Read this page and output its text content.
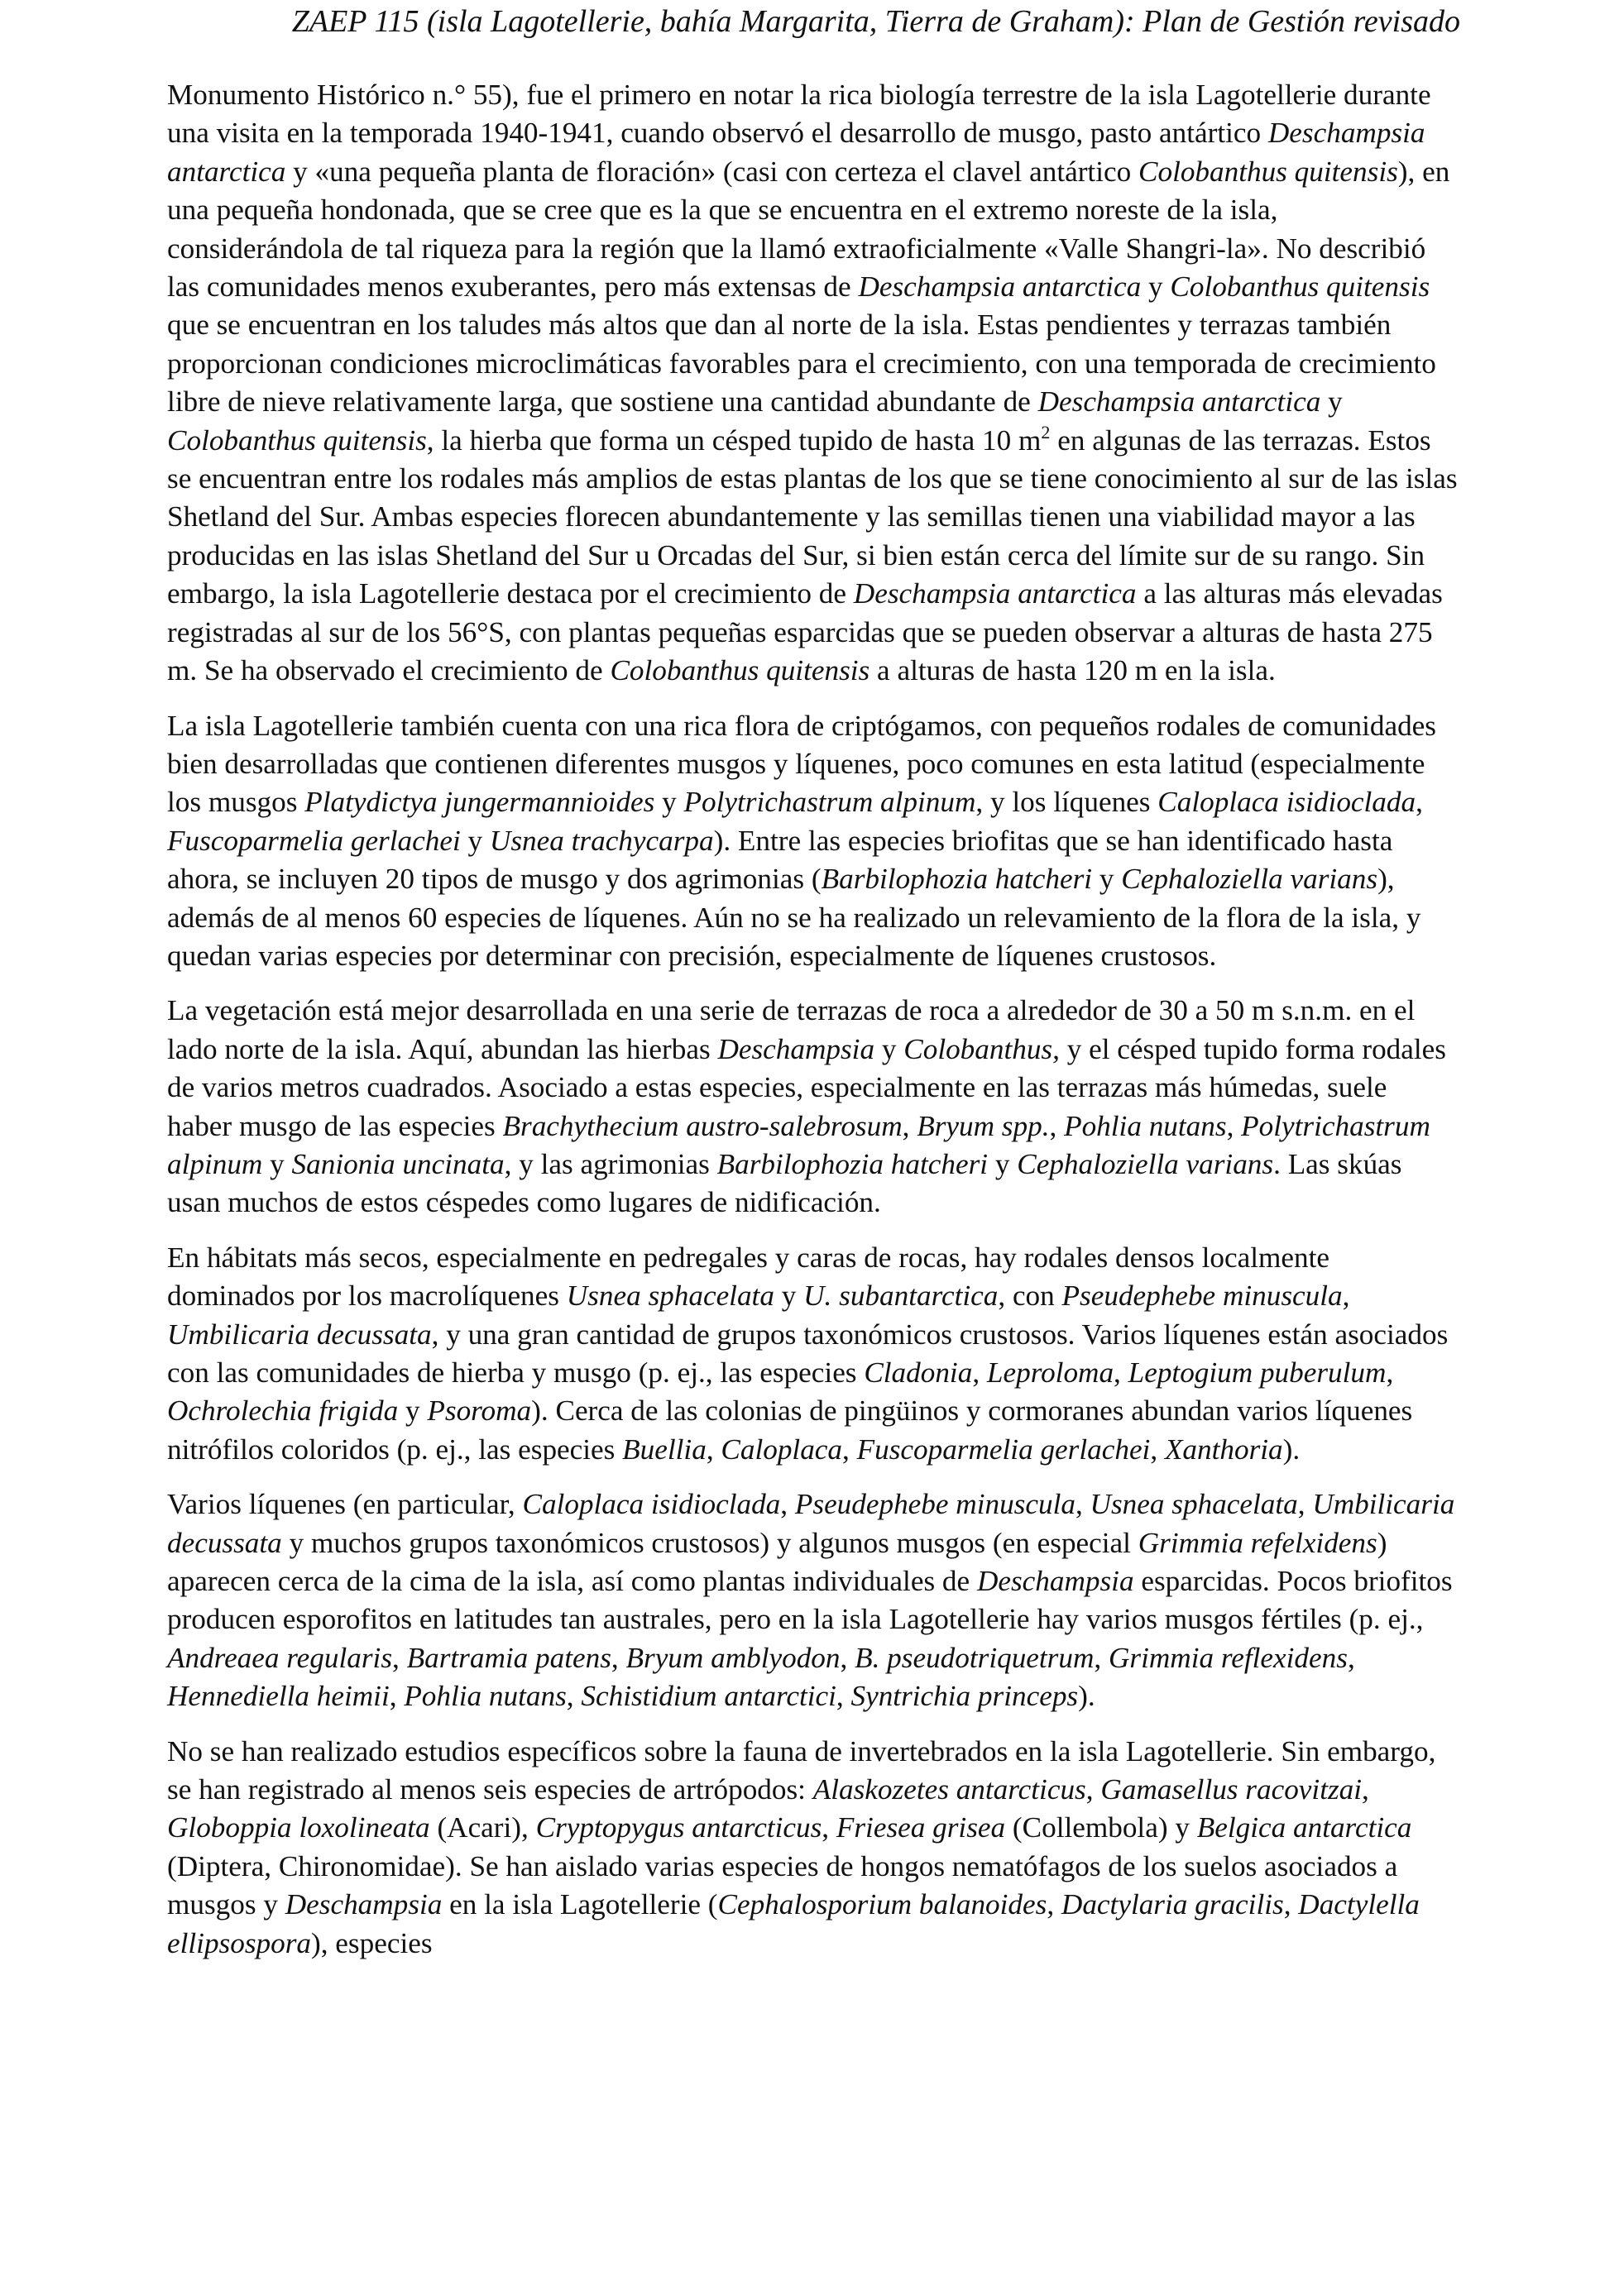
ZAEP 115 (isla Lagotellerie, bahía Margarita, Tierra de Graham): Plan de Gestión revisado

Monumento Histórico n.° 55), fue el primero en notar la rica biología terrestre de la isla Lagotellerie durante una visita en la temporada 1940-1941, cuando observó el desarrollo de musgo, pasto antártico Deschampsia antarctica y «una pequeña planta de floración» (casi con certeza el clavel antártico Colobanthus quitensis), en una pequeña hondonada, que se cree que es la que se encuentra en el extremo noreste de la isla, considerándola de tal riqueza para la región que la llamó extraoficialmente «Valle Shangri-la». No describió las comunidades menos exuberantes, pero más extensas de Deschampsia antarctica y Colobanthus quitensis que se encuentran en los taludes más altos que dan al norte de la isla. Estas pendientes y terrazas también proporcionan condiciones microclimáticas favorables para el crecimiento, con una temporada de crecimiento libre de nieve relativamente larga, que sostiene una cantidad abundante de Deschampsia antarctica y Colobanthus quitensis, la hierba que forma un césped tupido de hasta 10 $m^2$ en algunas de las terrazas. Estos se encuentran entre los rodales más amplios de estas plantas de los que se tiene conocimiento al sur de las islas Shetland del Sur. Ambas especies florecen abundantemente y las semillas tienen una viabilidad mayor a las producidas en las islas Shetland del Sur u Orcadas del Sur, si bien están cerca del límite sur de su rango. Sin embargo, la isla Lagotellerie destaca por el crecimiento de Deschampsia antarctica a las alturas más elevadas registradas al sur de los 56°S, con plantas pequeñas esparcidas que se pueden observar a alturas de hasta 275 m. Se ha observado el crecimiento de Colobanthus quitensis a alturas de hasta 120 m en la isla.

La isla Lagotellerie también cuenta con una rica flora de criptógamos, con pequeños rodales de comunidades bien desarrolladas que contienen diferentes musgos y líquenes, poco comunes en esta latitud (especialmente los musgos Platydictya jungermannioides y Polytrichastrum alpinum, y los líquenes Caloplaca isidioclada, Fuscoparmelia gerlachei y Usnea trachycarpa). Entre las especies briofitas que se han identificado hasta ahora, se incluyen 20 tipos de musgo y dos agrimonias (Barbilophozia hatcheri y Cephaloziella varians), además de al menos 60 especies de líquenes. Aún no se ha realizado un relevamiento de la flora de la isla, y quedan varias especies por determinar con precisión, especialmente de líquenes crustosos.

La vegetación está mejor desarrollada en una serie de terrazas de roca a alrededor de 30 a 50 m s.n.m. en el lado norte de la isla. Aquí, abundan las hierbas Deschampsia y Colobanthus, y el césped tupido forma rodales de varios metros cuadrados. Asociado a estas especies, especialmente en las terrazas más húmedas, suele haber musgo de las especies Brachythecium austro-salebrosum, Bryum spp., Pohlia nutans, Polytrichastrum alpinum y Sanionia uncinata, y las agrimonias Barbilophozia hatcheri y Cephaloziella varians. Las skúas usan muchos de estos céspedes como lugares de nidificación.

En hábitats más secos, especialmente en pedregales y caras de rocas, hay rodales densos localmente dominados por los macrolíquenes Usnea sphacelata y U. subantarctica, con Pseudephebe minuscula, Umbilicaria decussata, y una gran cantidad de grupos taxonómicos crustosos. Varios líquenes están asociados con las comunidades de hierba y musgo (p. ej., las especies Cladonia, Leproloma, Leptogium puberulum, Ochrolechia frigida y Psoroma). Cerca de las colonias de pingüinos y cormoranes abundan varios líquenes nitrófilos coloridos (p. ej., las especies Buellia, Caloplaca, Fuscoparmelia gerlachei, Xanthoria).

Varios líquenes (en particular, Caloplaca isidioclada, Pseudephebe minuscula, Usnea sphacelata, Umbilicaria decussata y muchos grupos taxonómicos crustosos) y algunos musgos (en especial Grimmia refelxidens) aparecen cerca de la cima de la isla, así como plantas individuales de Deschampsia esparcidas. Pocos briofitos producen esporofitos en latitudes tan australes, pero en la isla Lagotellerie hay varios musgos fértiles (p. ej., Andreaea regularis, Bartramia patens, Bryum amblyodon, B. pseudotriquetrum, Grimmia reflexidens, Hennediella heimii, Pohlia nutans, Schistidium antarctici, Syntrichia princeps).

No se han realizado estudios específicos sobre la fauna de invertebrados en la isla Lagotellerie. Sin embargo, se han registrado al menos seis especies de artrópodos: Alaskozetes antarcticus, Gamasellus racovitzai, Globoppia loxolineata (Acari), Cryptopygus antarcticus, Friesea grisea (Collembola) y Belgica antarctica (Diptera, Chironomidae). Se han aislado varias especies de hongos nematófagos de los suelos asociados a musgos y Deschampsia en la isla Lagotellerie (Cephalosporium balanoides, Dactylaria gracilis, Dactylella ellipsospora), especies
